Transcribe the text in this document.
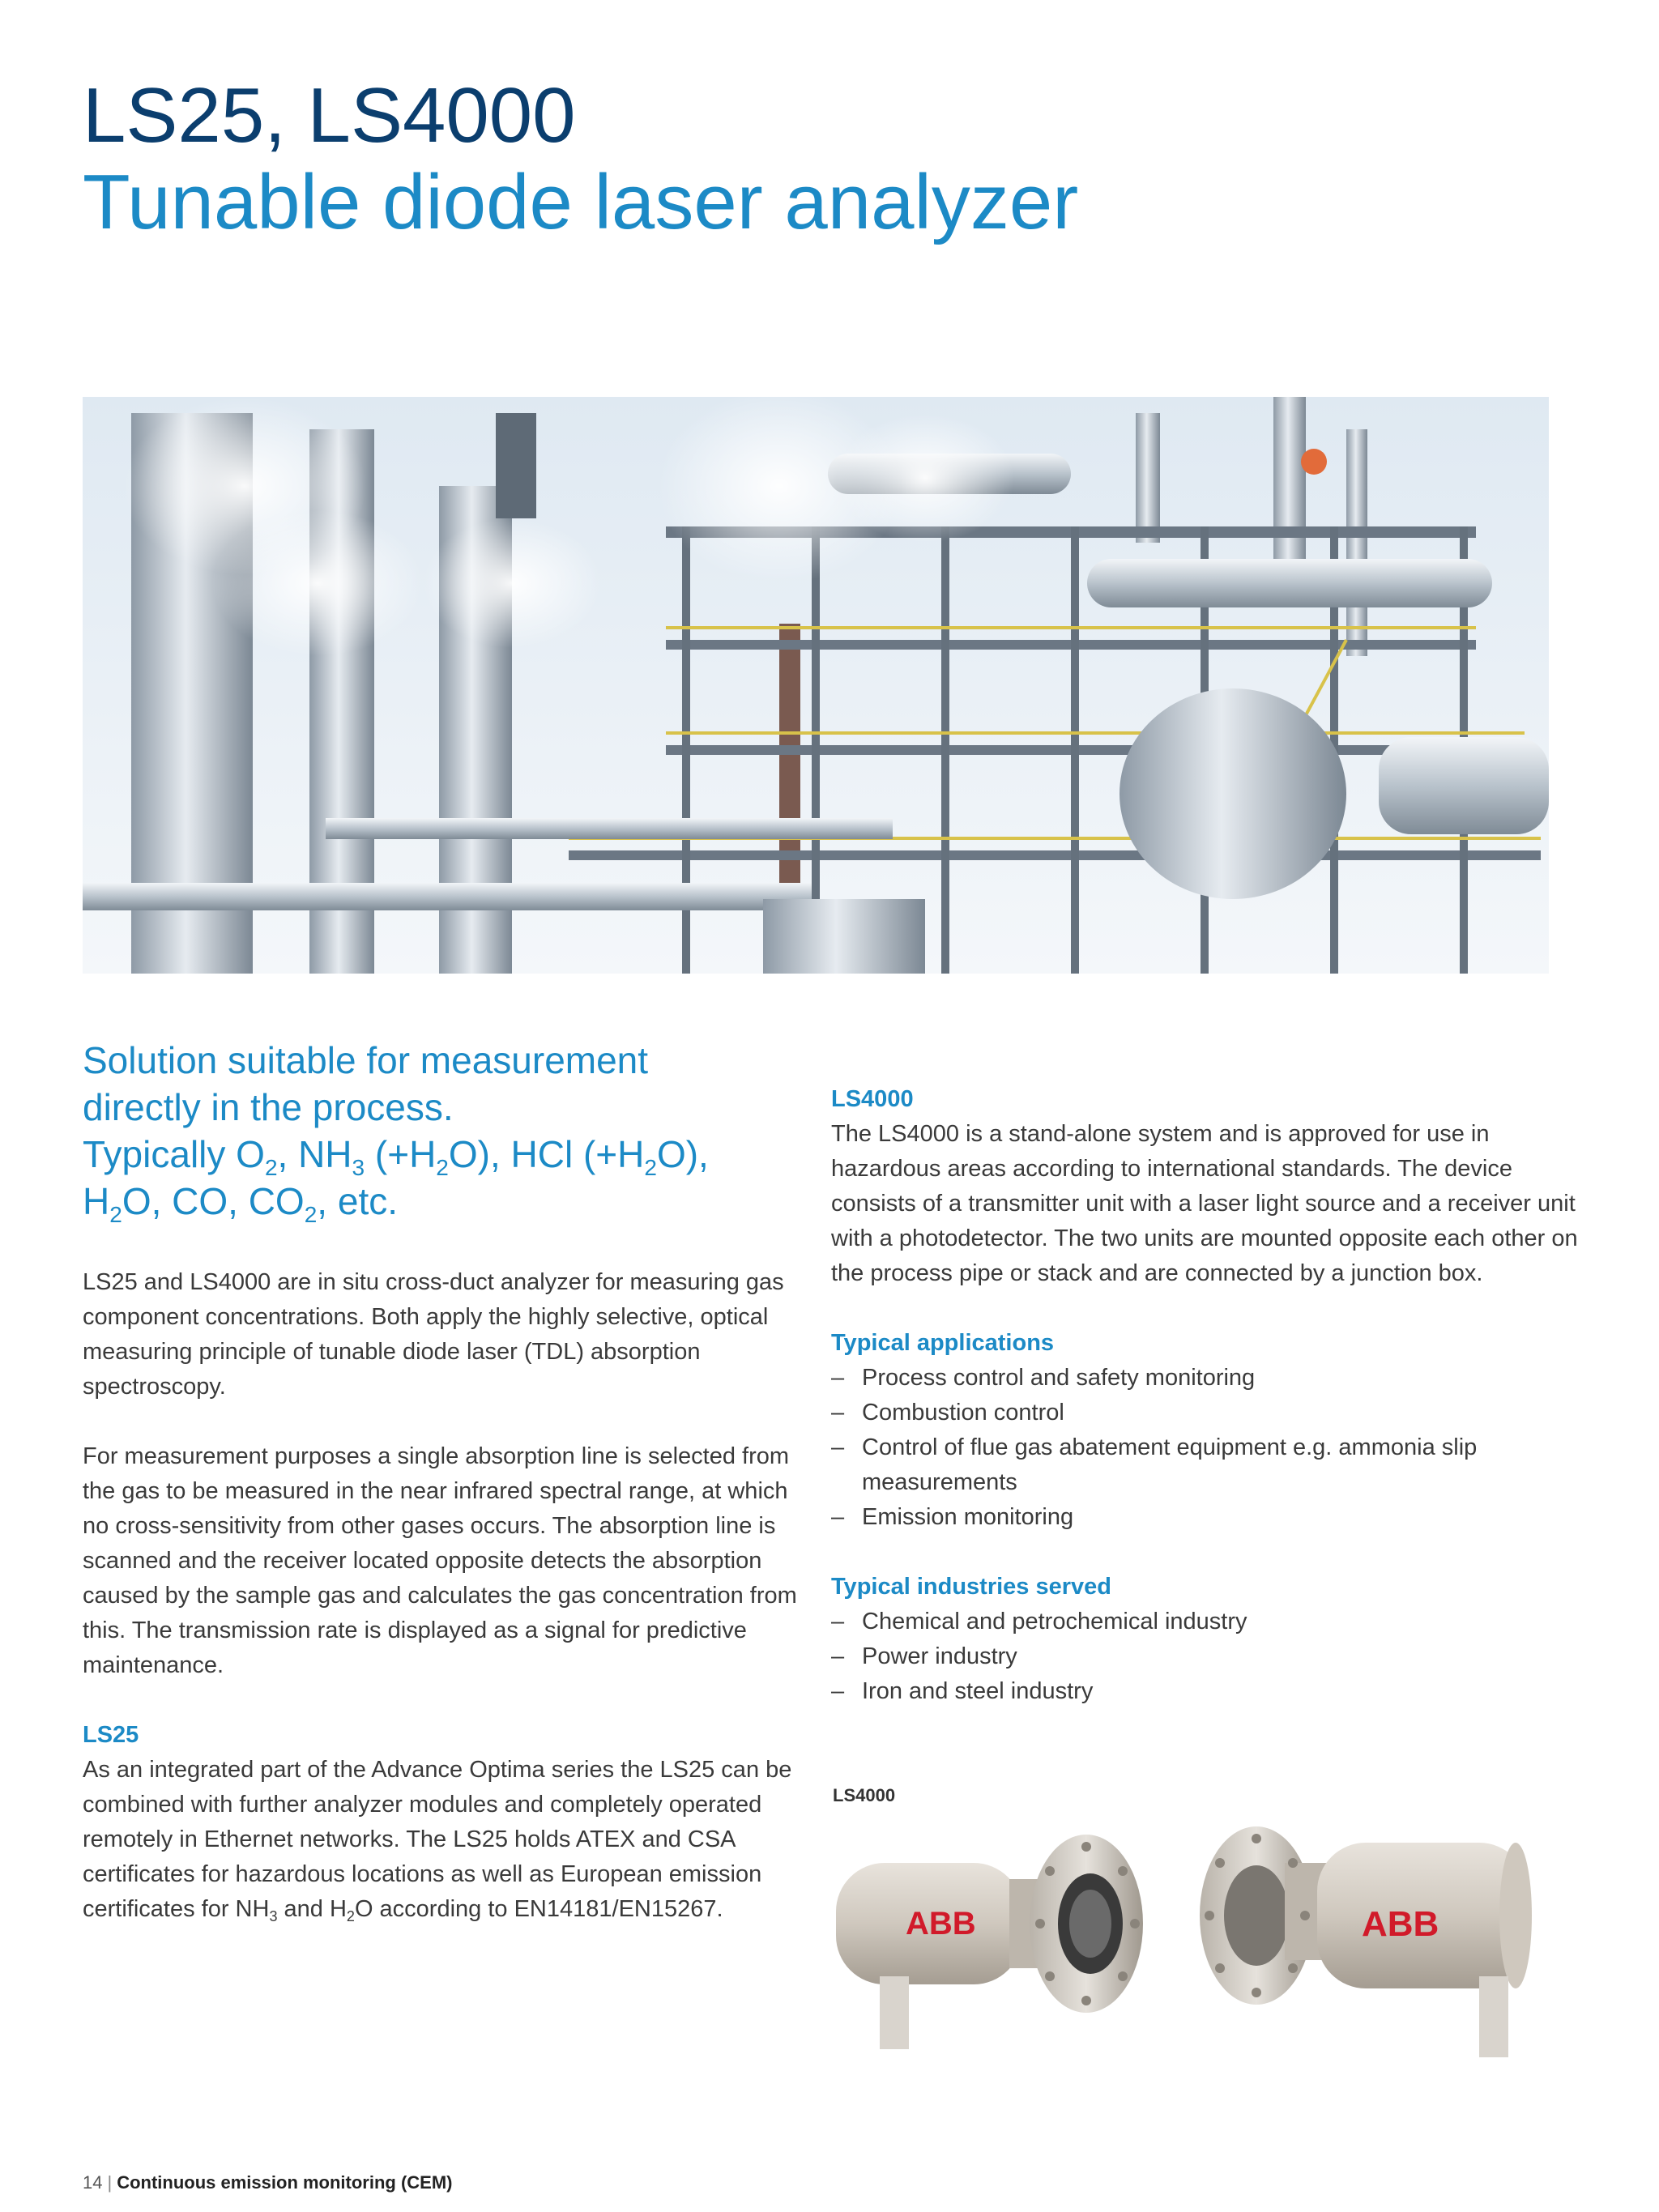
LS25, LS4000
Tunable diode laser analyzer

Solution suitable for measurement

directly in the process.

Typically $O_2$, $NH_3$ $(+H_2O)$, HCl $(+H_2O)$,

$H_2O$, CO, $CO_2$, etc.

LS25 and LS4000 are in situ cross-duct analyzer for measuring gas component concentrations. Both apply the highly selective, optical measuring principle of tunable diode laser (TDL) absorption spectroscopy.

For measurement purposes a single absorption line is selected from the gas to be measured in the near infrared spectral range, at which no cross-sensitivity from other gases occurs. The absorption line is scanned and the receiver located opposite detects the absorption caused by the sample gas and calculates the gas concentration from this. The transmission rate is displayed as a signal for predictive maintenance.

LS25

As an integrated part of the Advance Optima series the LS25 can be combined with further analyzer modules and completely operated remotely in Ethernet networks. The LS25 holds ATEX and CSA certificates for hazardous locations as well as European emission certificates for $NH_3$ and $H_2O$ according to EN14181/EN15267.

LS4000

The LS4000 is a stand-alone system and is approved for use in hazardous areas according to international standards. The device consists of a transmitter unit with a laser light source and a receiver unit with a photodetector. The two units are mounted opposite each other on the process pipe or stack and are connected by a junction box.

Typical applications

– Process control and safety monitoring
– Combustion control
– Control of flue gas abatement equipment e.g. ammonia slip measurements
– Emission monitoring

Typical industries served

– Chemical and petrochemical industry
– Power industry
– Iron and steel industry
LS4000
ABB	ABB
14 | Continuous emission monitoring (CEM)
